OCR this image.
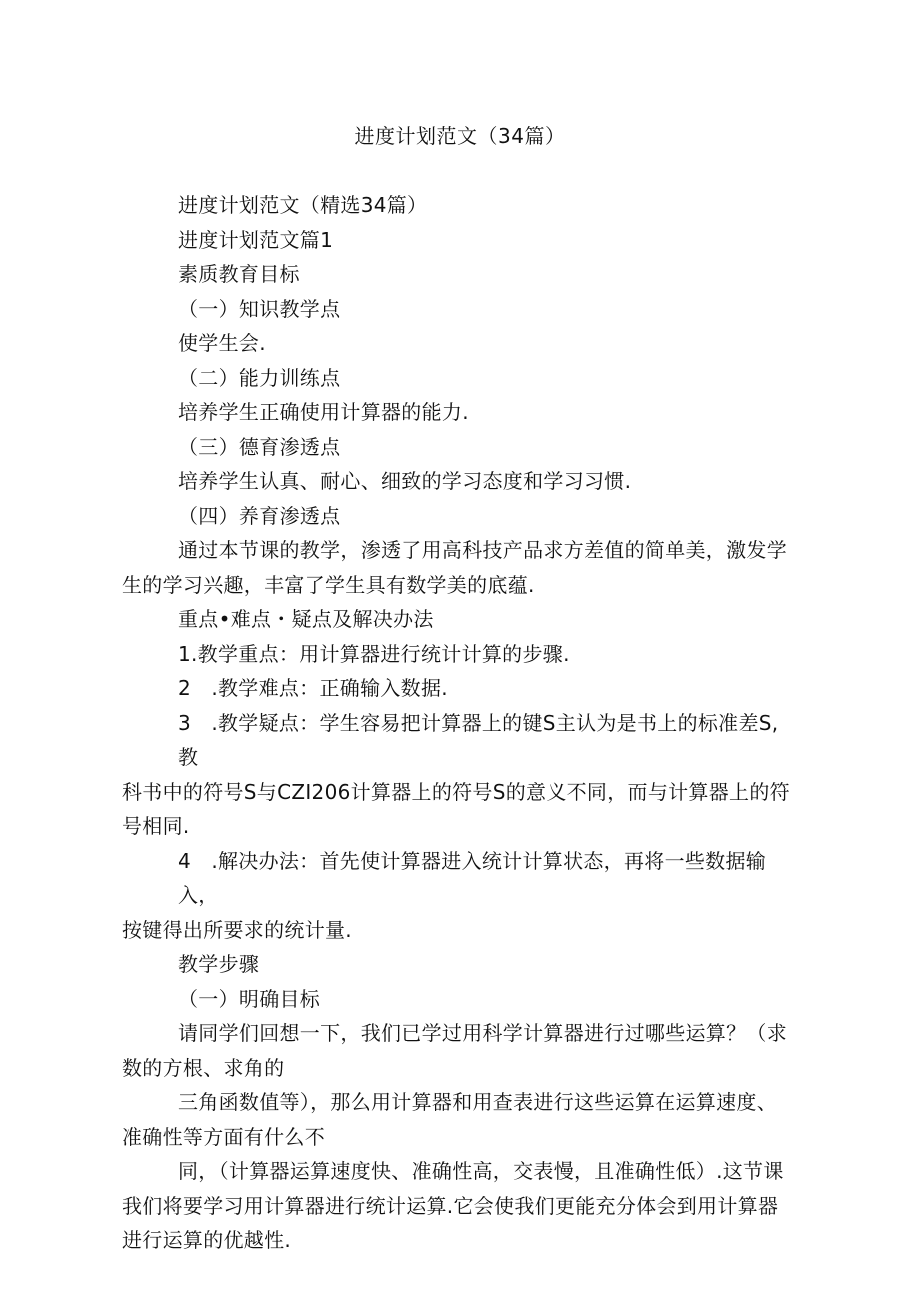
进度计划范文（34篇）

进度计划范文（精选34篇）

进度计划范文篇1

素质教育目标

（一）知识教学点

使学生会.

（二）能力训练点

培养学生正确使用计算器的能力.

（三）德育渗透点

培养学生认真、耐心、细致的学习态度和学习习惯.

（四）养育渗透点

通过本节课的教学，渗透了用高科技产品求方差值的简单美，激发学
生的学习兴趣，丰富了学生具有数学美的底蕴.

重点•难点・疑点及解决办法

1.教学重点：用计算器进行统计计算的步骤.

2　.教学难点：正确输入数据.

3　.教学疑点：学生容易把计算器上的键S主认为是书上的标准差S,教
科书中的符号S与CZI206计算器上的符号S的意义不同，而与计算器上的符
号相同.
4　.解决办法：首先使计算器进入统计计算状态，再将一些数据输入，
按键得出所要求的统计量.

教学步骤

（一）明确目标

请同学们回想一下，我们已学过用科学计算器进行过哪些运算？（求
数的方根、求角的
三角函数值等），那么用计算器和用查表进行这些运算在运算速度、
准确性等方面有什么不
同，（计算器运算速度快、准确性高，交表慢，且准确性低）.这节课
我们将要学习用计算器进行统计运算.它会使我们更能充分体会到用计算器
进行运算的优越性.
